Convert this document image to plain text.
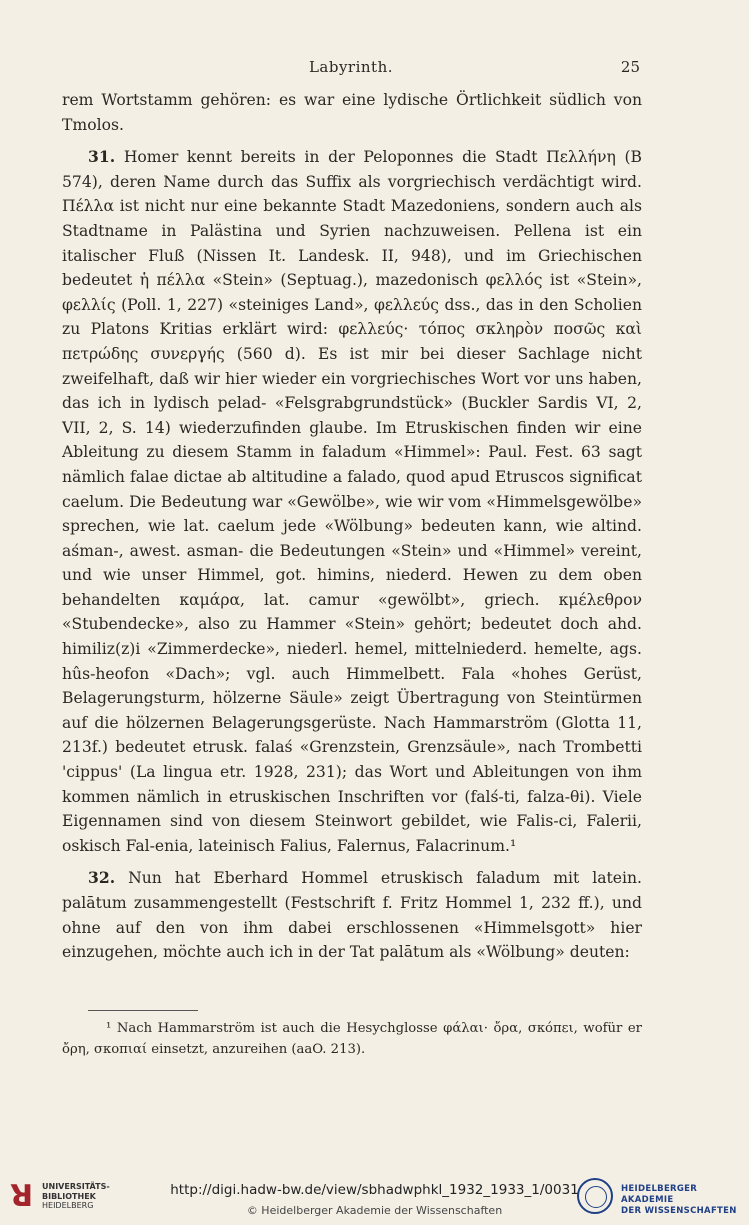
Labyrinth.	25

rem Wortstamm gehören: es war eine lydische Örtlichkeit südlich von Tmolos.

31. Homer kennt bereits in der Peloponnes die Stadt Πελλήνη (B 574), deren Name durch das Suffix als vorgriechisch verdächtigt wird. Πέλλα ist nicht nur eine bekannte Stadt Mazedoniens, sondern auch als Stadtname in Palästina und Syrien nachzuweisen. Pellena ist ein italischer Fluß (Nissen It. Landesk. II, 948), und im Griechischen bedeutet ἡ πέλλα «Stein» (Septuag.), mazedonisch φελλός ist «Stein», φελλίς (Poll. 1, 227) «steiniges Land», φελλεύς dss., das in den Scholien zu Platons Kritias erklärt wird: φελλεύς· τόπος σκληρὸν ποσῶς καὶ πετρώδης συνεργής (560 d). Es ist mir bei dieser Sachlage nicht zweifelhaft, daß wir hier wieder ein vorgriechisches Wort vor uns haben, das ich in lydisch pelad- «Felsgrabgrundstück» (Buckler Sardis VI, 2, VII, 2, S. 14) wiederzufinden glaube. Im Etruskischen finden wir eine Ableitung zu diesem Stamm in faladum «Himmel»: Paul. Fest. 63 sagt nämlich falae dictae ab altitudine a falado, quod apud Etruscos significat caelum. Die Bedeutung war «Gewölbe», wie wir vom «Himmelsgewölbe» sprechen, wie lat. caelum jede «Wölbung» bedeuten kann, wie altind. aśman-, awest. asman- die Bedeutungen «Stein» und «Himmel» vereint, und wie unser Himmel, got. himins, niederd. Hewen zu dem oben behandelten καμάρα, lat. camur «gewölbt», griech. κμέλεθρον «Stubendecke», also zu Hammer «Stein» gehört; bedeutet doch ahd. himiliz(z)i «Zimmerdecke», niederl. hemel, mittelniederd. hemelte, ags. hûs-heofon «Dach»; vgl. auch Himmelbett. Fala «hohes Gerüst, Belagerungsturm, hölzerne Säule» zeigt Übertragung von Steintürmen auf die hölzernen Belagerungsgerüste. Nach Hammarström (Glotta 11, 213f.) bedeutet etrusk. falaś «Grenzstein, Grenzsäule», nach Trombetti 'cippus' (La lingua etr. 1928, 231); das Wort und Ableitungen von ihm kommen nämlich in etruskischen Inschriften vor (falś-ti, falza-θi). Viele Eigennamen sind von diesem Steinwort gebildet, wie Falis-ci, Falerii, oskisch Fal-enia, lateinisch Falius, Falernus, Falacrinum.¹

32. Nun hat Eberhard Hommel etruskisch faladum mit latein. palātum zusammengestellt (Festschrift f. Fritz Hommel 1, 232 ff.), und ohne auf den von ihm dabei erschlossenen «Himmelsgott» hier einzugehen, möchte auch ich in der Tat palātum als «Wölbung» deuten:

¹ Nach Hammarström ist auch die Hesychglosse φάλαι· ὄρα, σκόπει, wofür er ὄρη, σκοπιαί einsetzt, anzureihen (aaO. 213).
ꓤ UNIVERSITÄTS-
BIBLIOTHEK
HEIDELBERG
http://digi.hadw-bw.de/view/sbhadwphkl_1932_1933_1/0031
© Heidelberger Akademie der Wissenschaften
HEIDELBERGER AKADEMIE
DER WISSENSCHAFTEN
